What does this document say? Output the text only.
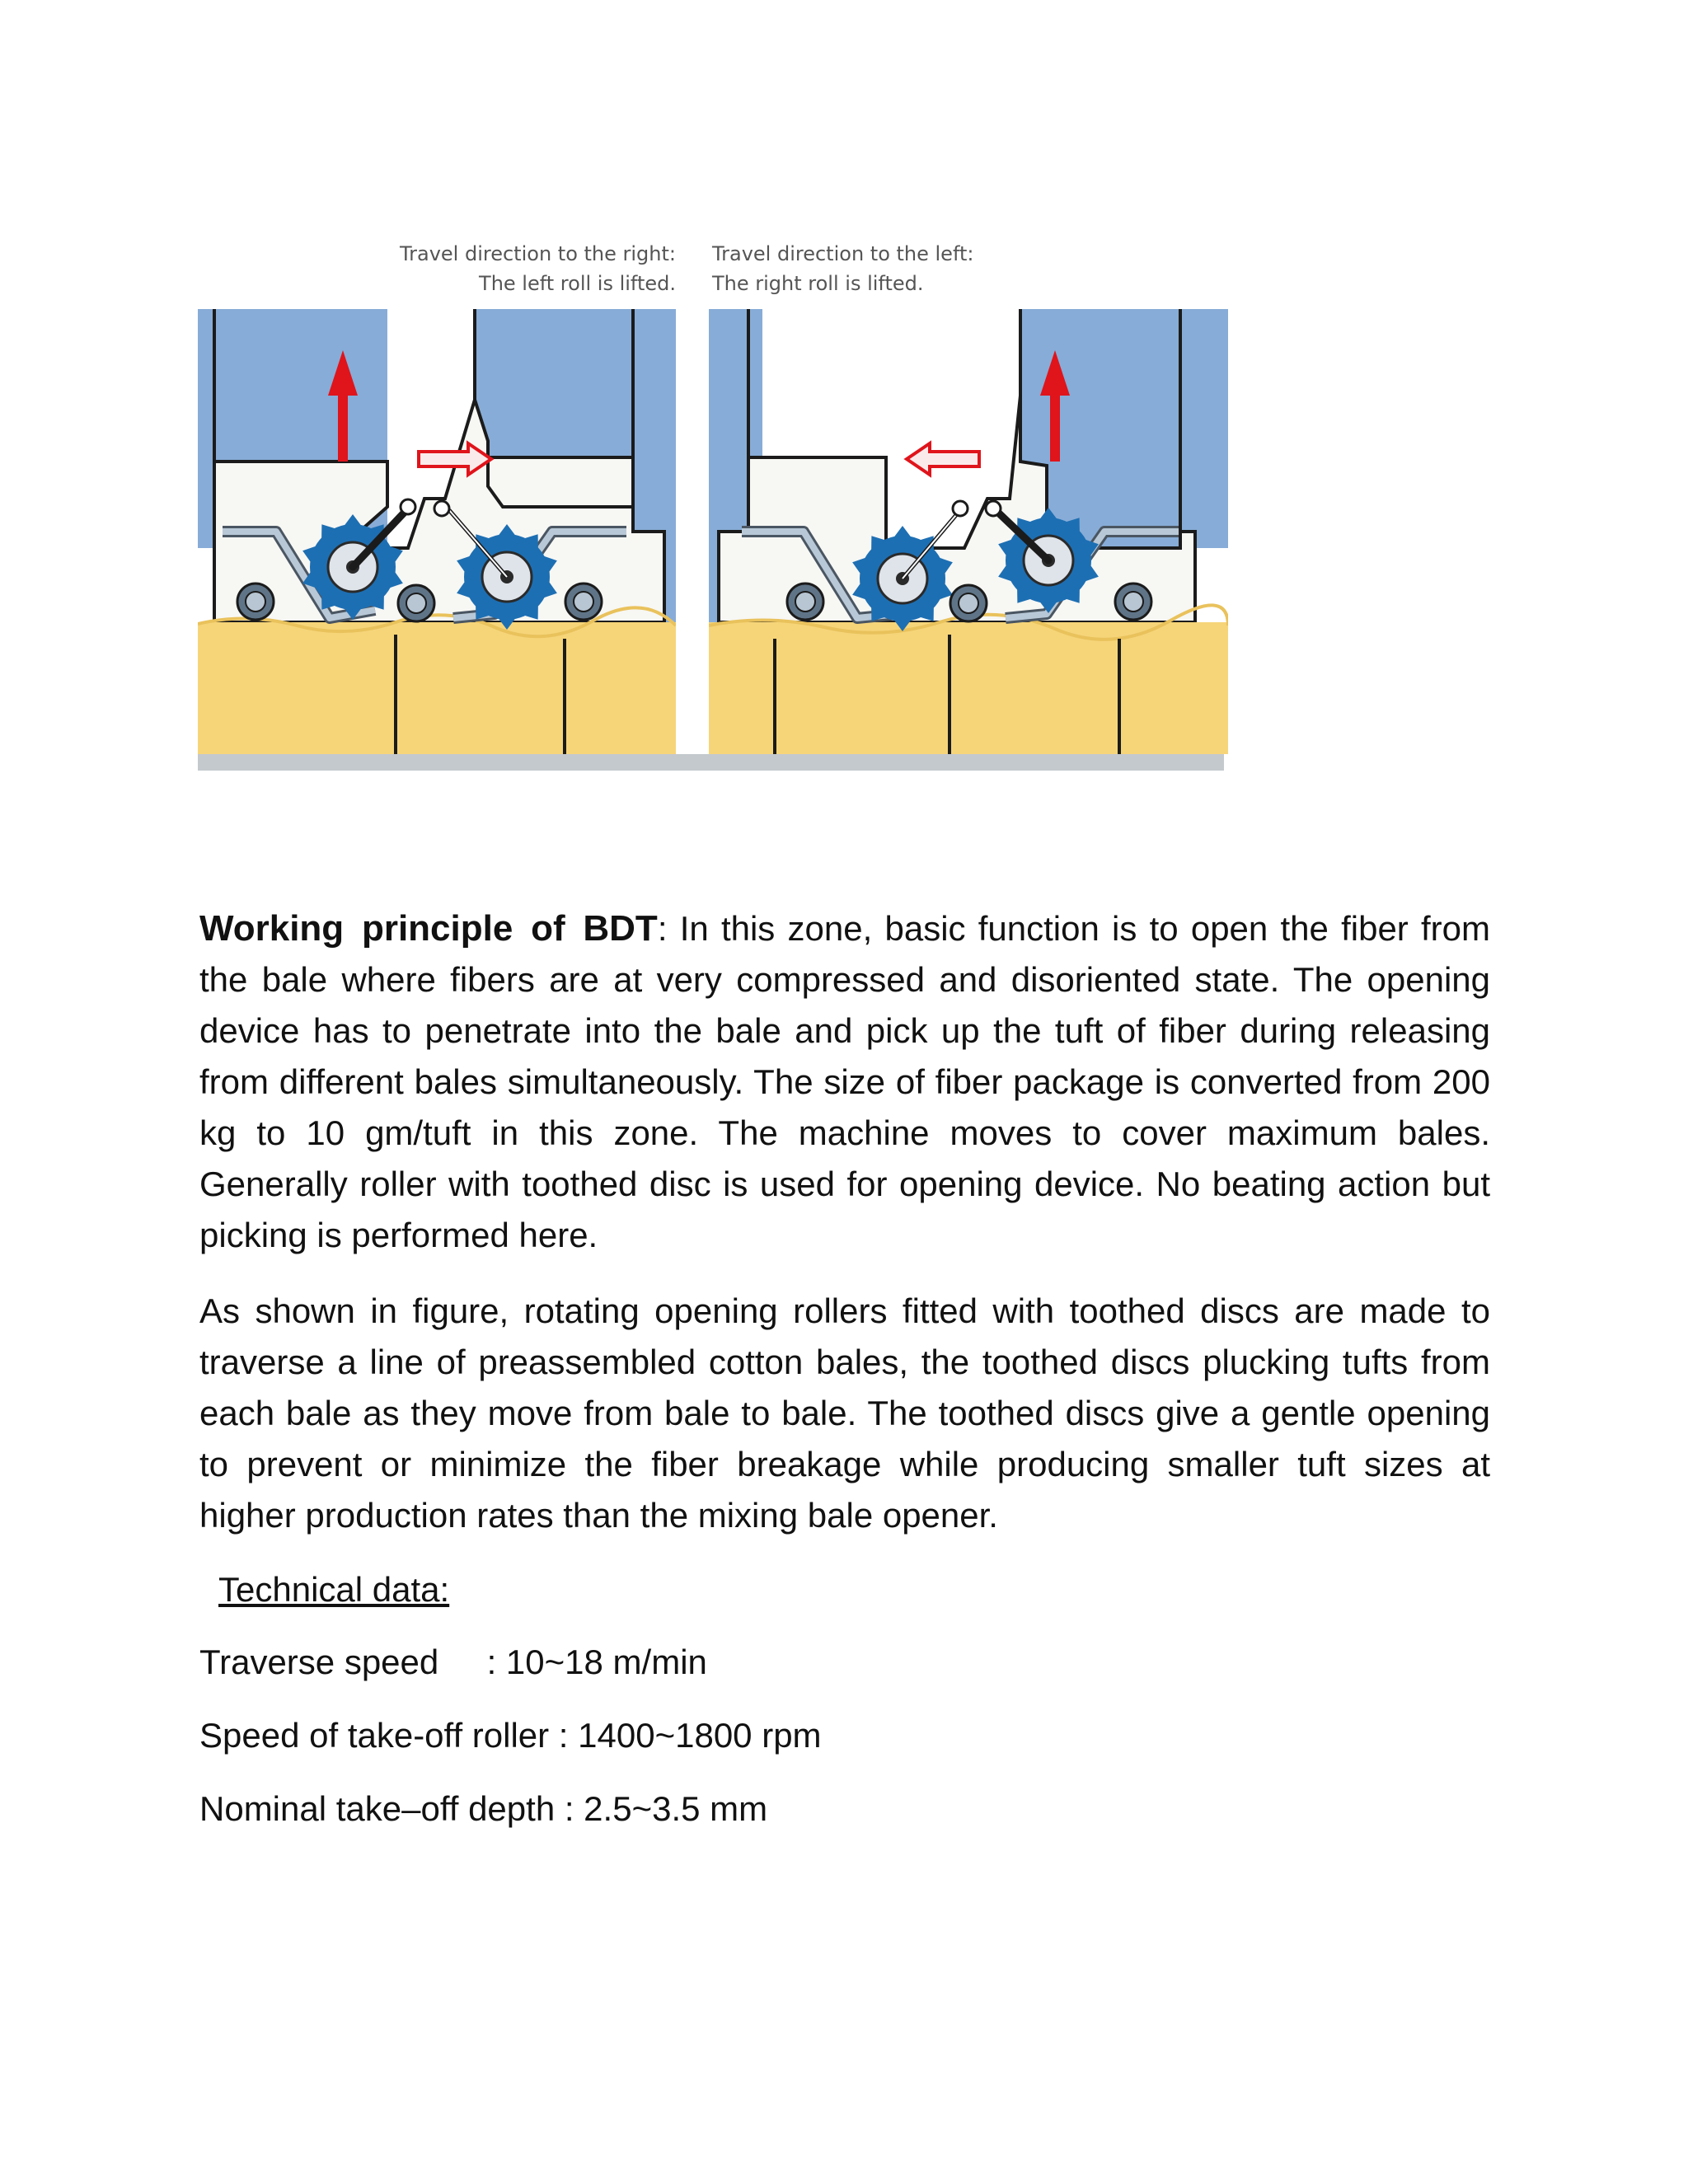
Travel direction to the right:
The left roll is lifted.
Travel direction to the left:
The right roll is lifted.
Working principle of BDT: In this zone, basic function is to open the fiber from the bale where fibers are at very compressed and disoriented state. The opening device has to penetrate into the bale and pick up the tuft of fiber during releasing from different bales simultaneously. The size of fiber package is converted from 200 kg to 10 gm/tuft in this zone. The machine moves to cover maximum bales. Generally roller with toothed disc is used for opening device. No beating action but picking is performed here.
As shown in figure, rotating opening rollers fitted with toothed discs are made to traverse a line of preassembled cotton bales, the toothed discs plucking tufts from each bale as they move from bale to bale. The toothed discs give a gentle opening to prevent or minimize the fiber breakage while producing smaller tuft sizes at higher production rates than the mixing bale opener.
Technical data:
Traverse speed     : 10~18 m/min
Speed of take-off roller : 1400~1800 rpm
Nominal take–off depth : 2.5~3.5 mm
